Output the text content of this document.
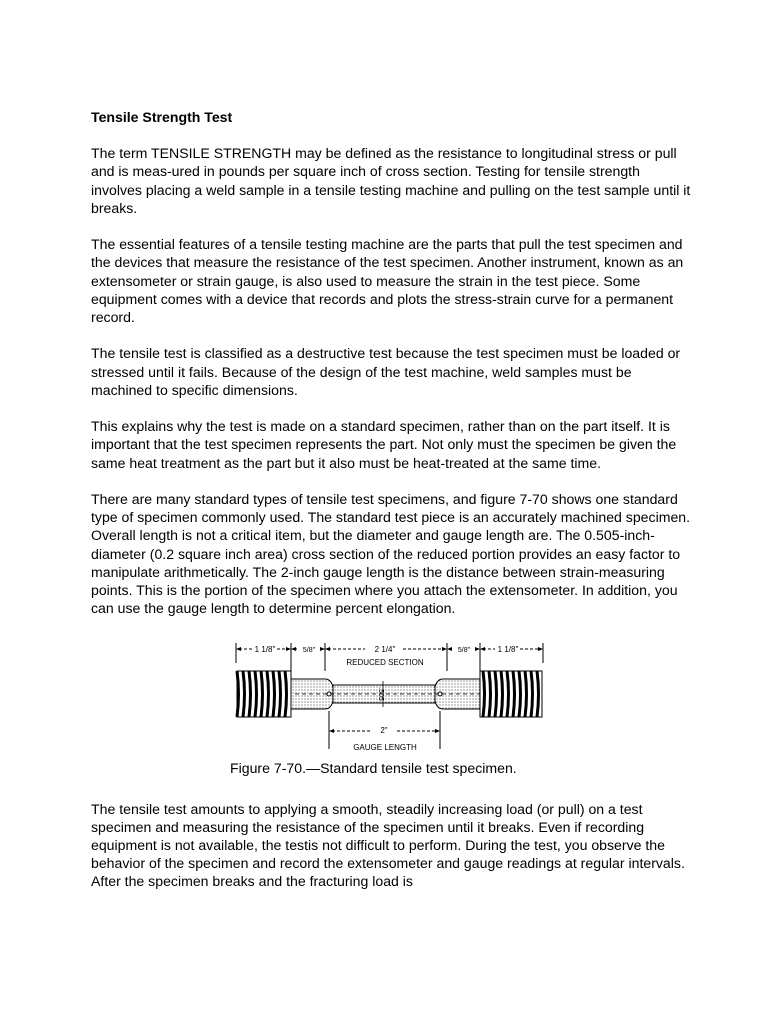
Tensile Strength Test

The term TENSILE STRENGTH may be defined as the resistance to longitudinal stress or pull and is meas-ured in pounds per square inch of cross section. Testing for tensile strength involves placing a weld sample in a tensile testing machine and pulling on the test sample until it breaks.

The essential features of a tensile testing machine are the parts that pull the test specimen and the devices that measure the resistance of the test specimen. Another instrument, known as an extensometer or strain gauge, is also used to measure the strain in the test piece. Some equipment comes with a device that records and plots the stress-strain curve for a permanent record.

The tensile test is classified as a destructive test because the test specimen must be loaded or stressed until it fails. Because of the design of the test machine, weld samples must be machined to specific dimensions.

This explains why the test is made on a standard specimen, rather than on the part itself. It is important that the test specimen represents the part. Not only must the specimen be given the same heat treatment as the part but it also must be heat-treated at the same time.

There are many standard types of tensile test specimens, and figure 7-70 shows one standard type of specimen commonly used. The standard test piece is an accurately machined specimen. Overall length is not a critical item, but the diameter and gauge length are. The 0.505-inch-diameter (0.2 square inch area) cross section of the reduced portion provides an easy factor to manipulate arithmetically. The 2-inch gauge length is the distance between strain-measuring points. This is the portion of the specimen where you attach the extensometer. In addition, you can use the gauge length to determine percent elongation.

1 1/8"	5/8"	2 1/4"	5/8"	1 1/8"
REDUCED SECTION
.505
2"
GAUGE LENGTH
Figure 7-70.—Standard tensile test specimen.

The tensile test amounts to applying a smooth, steadily increasing load (or pull) on a test specimen and measuring the resistance of the specimen until it breaks. Even if recording equipment is not available, the testis not difficult to perform. During the test, you observe the behavior of the specimen and record the extensometer and gauge readings at regular intervals. After the specimen breaks and the fracturing load is
